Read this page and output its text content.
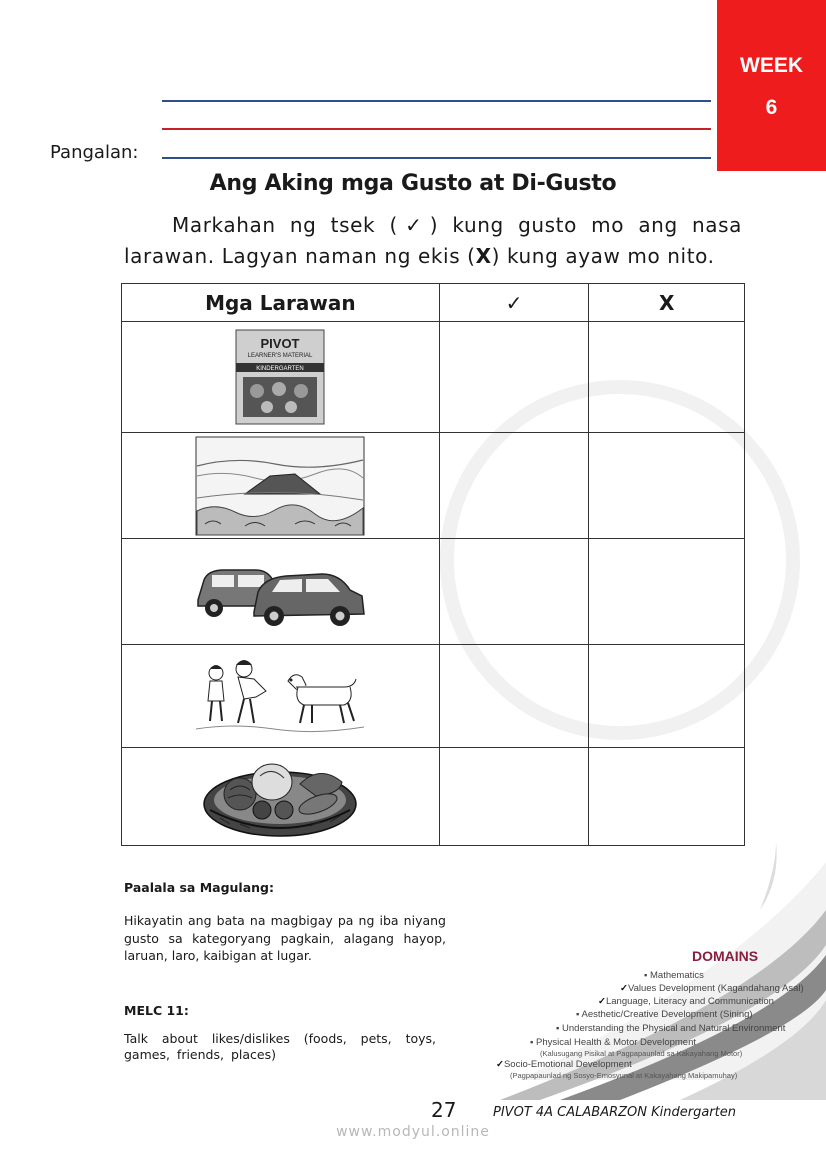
WEEK
6
Pangalan:
Ang Aking mga Gusto at Di-Gusto

Markahan ng tsek (✓) kung gusto mo ang nasa larawan. Lagyan naman ng ekis (X) kung ayaw mo nito.

Mga Larawan	✓	X

PIVOT
LEARNER'S MATERIAL
KINDERGARTEN		

Paalala sa Magulang:
Hikayatin ang bata na magbigay pa ng iba niyang gusto sa kategoryang pagkain, alagang hayop, laruan, laro, kaibigan at lugar.
MELC 11:
Talk about likes/dislikes (foods, pets, toys, games, friends, places)
DOMAINS
▪ Mathematics
✓Values Development (Kagandahang Asal)
✓Language, Literacy and Communication
▪ Aesthetic/Creative Development (Sining)
▪ Understanding the Physical and Natural Environment
▪ Physical Health & Motor Development
(Kalusugang Pisikal at Pagpapaunlad sa Kakayahang Motor)
✓Socio-Emotional Development
(Pagpapaunlad ng Sosyo-Emosyunal at Kakayahang Makipamuhay)
27	PIVOT 4A CALABARZON Kindergarten
www.modyul.online
